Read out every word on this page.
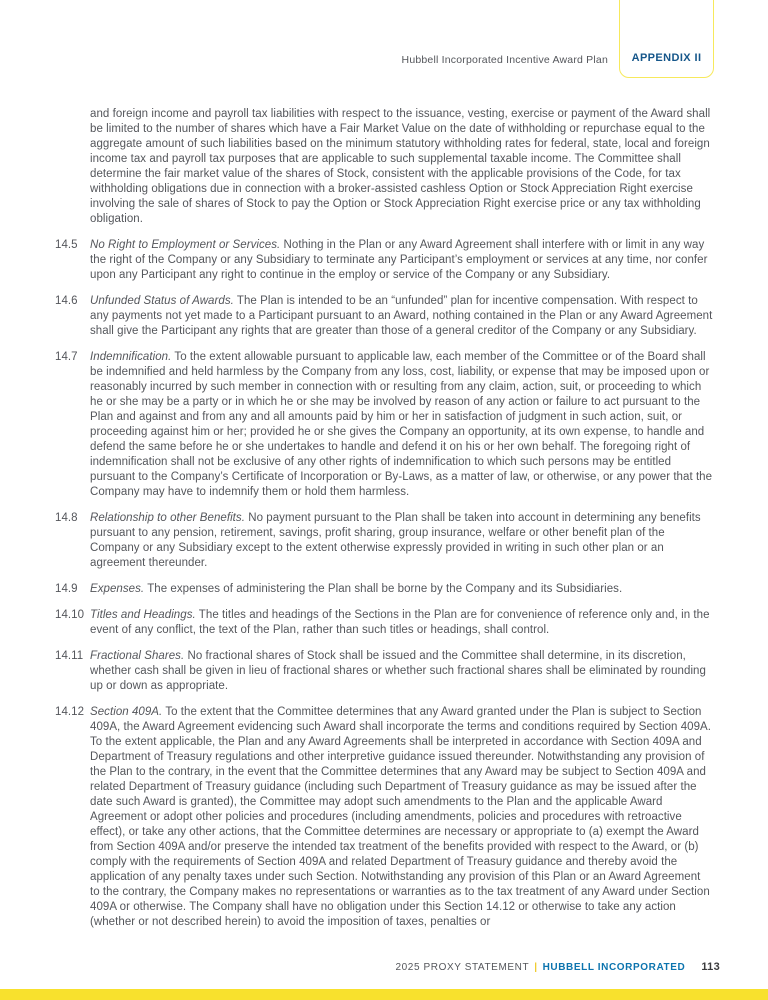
Hubbell Incorporated Incentive Award Plan APPENDIX II
and foreign income and payroll tax liabilities with respect to the issuance, vesting, exercise or payment of the Award shall be limited to the number of shares which have a Fair Market Value on the date of withholding or repurchase equal to the aggregate amount of such liabilities based on the minimum statutory withholding rates for federal, state, local and foreign income tax and payroll tax purposes that are applicable to such supplemental taxable income. The Committee shall determine the fair market value of the shares of Stock, consistent with the applicable provisions of the Code, for tax withholding obligations due in connection with a broker-assisted cashless Option or Stock Appreciation Right exercise involving the sale of shares of Stock to pay the Option or Stock Appreciation Right exercise price or any tax withholding obligation.
14.5	No Right to Employment or Services. Nothing in the Plan or any Award Agreement shall interfere with or limit in any way the right of the Company or any Subsidiary to terminate any Participant’s employment or services at any time, nor confer upon any Participant any right to continue in the employ or service of the Company or any Subsidiary.
14.6	Unfunded Status of Awards. The Plan is intended to be an “unfunded” plan for incentive compensation. With respect to any payments not yet made to a Participant pursuant to an Award, nothing contained in the Plan or any Award Agreement shall give the Participant any rights that are greater than those of a general creditor of the Company or any Subsidiary.
14.7	Indemnification. To the extent allowable pursuant to applicable law, each member of the Committee or of the Board shall be indemnified and held harmless by the Company from any loss, cost, liability, or expense that may be imposed upon or reasonably incurred by such member in connection with or resulting from any claim, action, suit, or proceeding to which he or she may be a party or in which he or she may be involved by reason of any action or failure to act pursuant to the Plan and against and from any and all amounts paid by him or her in satisfaction of judgment in such action, suit, or proceeding against him or her; provided he or she gives the Company an opportunity, at its own expense, to handle and defend the same before he or she undertakes to handle and defend it on his or her own behalf. The foregoing right of indemnification shall not be exclusive of any other rights of indemnification to which such persons may be entitled pursuant to the Company’s Certificate of Incorporation or By-Laws, as a matter of law, or otherwise, or any power that the Company may have to indemnify them or hold them harmless.
14.8	Relationship to other Benefits. No payment pursuant to the Plan shall be taken into account in determining any benefits pursuant to any pension, retirement, savings, profit sharing, group insurance, welfare or other benefit plan of the Company or any Subsidiary except to the extent otherwise expressly provided in writing in such other plan or an agreement thereunder.
14.9	Expenses. The expenses of administering the Plan shall be borne by the Company and its Subsidiaries.
14.10 Titles and Headings. The titles and headings of the Sections in the Plan are for convenience of reference only and, in the event of any conflict, the text of the Plan, rather than such titles or headings, shall control.
14.11 Fractional Shares. No fractional shares of Stock shall be issued and the Committee shall determine, in its discretion, whether cash shall be given in lieu of fractional shares or whether such fractional shares shall be eliminated by rounding up or down as appropriate.
14.12 Section 409A. To the extent that the Committee determines that any Award granted under the Plan is subject to Section 409A, the Award Agreement evidencing such Award shall incorporate the terms and conditions required by Section 409A. To the extent applicable, the Plan and any Award Agreements shall be interpreted in accordance with Section 409A and Department of Treasury regulations and other interpretive guidance issued thereunder. Notwithstanding any provision of the Plan to the contrary, in the event that the Committee determines that any Award may be subject to Section 409A and related Department of Treasury guidance (including such Department of Treasury guidance as may be issued after the date such Award is granted), the Committee may adopt such amendments to the Plan and the applicable Award Agreement or adopt other policies and procedures (including amendments, policies and procedures with retroactive effect), or take any other actions, that the Committee determines are necessary or appropriate to (a) exempt the Award from Section 409A and/or preserve the intended tax treatment of the benefits provided with respect to the Award, or (b) comply with the requirements of Section 409A and related Department of Treasury guidance and thereby avoid the application of any penalty taxes under such Section. Notwithstanding any provision of this Plan or an Award Agreement to the contrary, the Company makes no representations or warranties as to the tax treatment of any Award under Section 409A or otherwise. The Company shall have no obligation under this Section 14.12 or otherwise to take any action (whether or not described herein) to avoid the imposition of taxes, penalties or
2025 PROXY STATEMENT | HUBBELL INCORPORATED 113
